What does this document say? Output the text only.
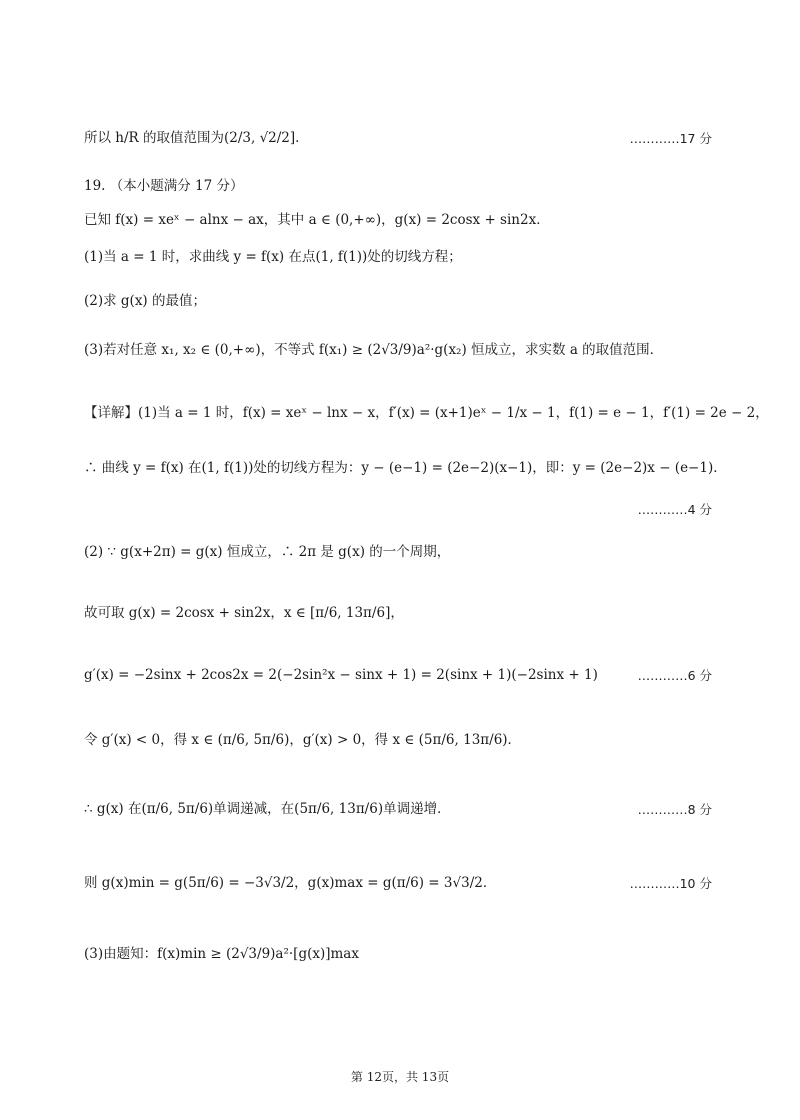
所以 h/R 的取值范围为(2/3, √2/2].	…………17 分
19. （本小题满分 17 分）
已知 f(x) = xeˣ − alnx − ax，其中 a ∈ (0,+∞)，g(x) = 2cosx + sin2x．
(1)当 a = 1 时，求曲线 y = f(x) 在点(1, f(1))处的切线方程；
(2)求 g(x) 的最值；
(3)若对任意 x₁, x₂ ∈ (0,+∞)，不等式 f(x₁) ≥ (2√3/9)a²·g(x₂) 恒成立，求实数 a 的取值范围．
【详解】(1)当 a = 1 时，f(x) = xeˣ − lnx − x，f′(x) = (x+1)eˣ − 1/x − 1，f(1) = e − 1，f′(1) = 2e − 2，
∴ 曲线 y = f(x) 在(1, f(1))处的切线方程为：y − (e−1) = (2e−2)(x−1)，即：y = (2e−2)x − (e−1)．
…………4 分
(2) ∵ g(x+2π) = g(x) 恒成立，∴ 2π 是 g(x) 的一个周期，
故可取 g(x) = 2cosx + sin2x，x ∈ [π/6, 13π/6]，
g′(x) = −2sinx + 2cos2x = 2(−2sin²x − sinx + 1) = 2(sinx + 1)(−2sinx + 1)	…………6 分
令 g′(x) < 0，得 x ∈ (π/6, 5π/6)，g′(x) > 0，得 x ∈ (5π/6, 13π/6)．
∴ g(x) 在(π/6, 5π/6)单调递减，在(5π/6, 13π/6)单调递增．	…………8 分
则 g(x)min = g(5π/6) = −3√3/2，g(x)max = g(π/6) = 3√3/2．	…………10 分
(3)由题知：f(x)min ≥ (2√3/9)a²·[g(x)]max
第 12页，共 13页
